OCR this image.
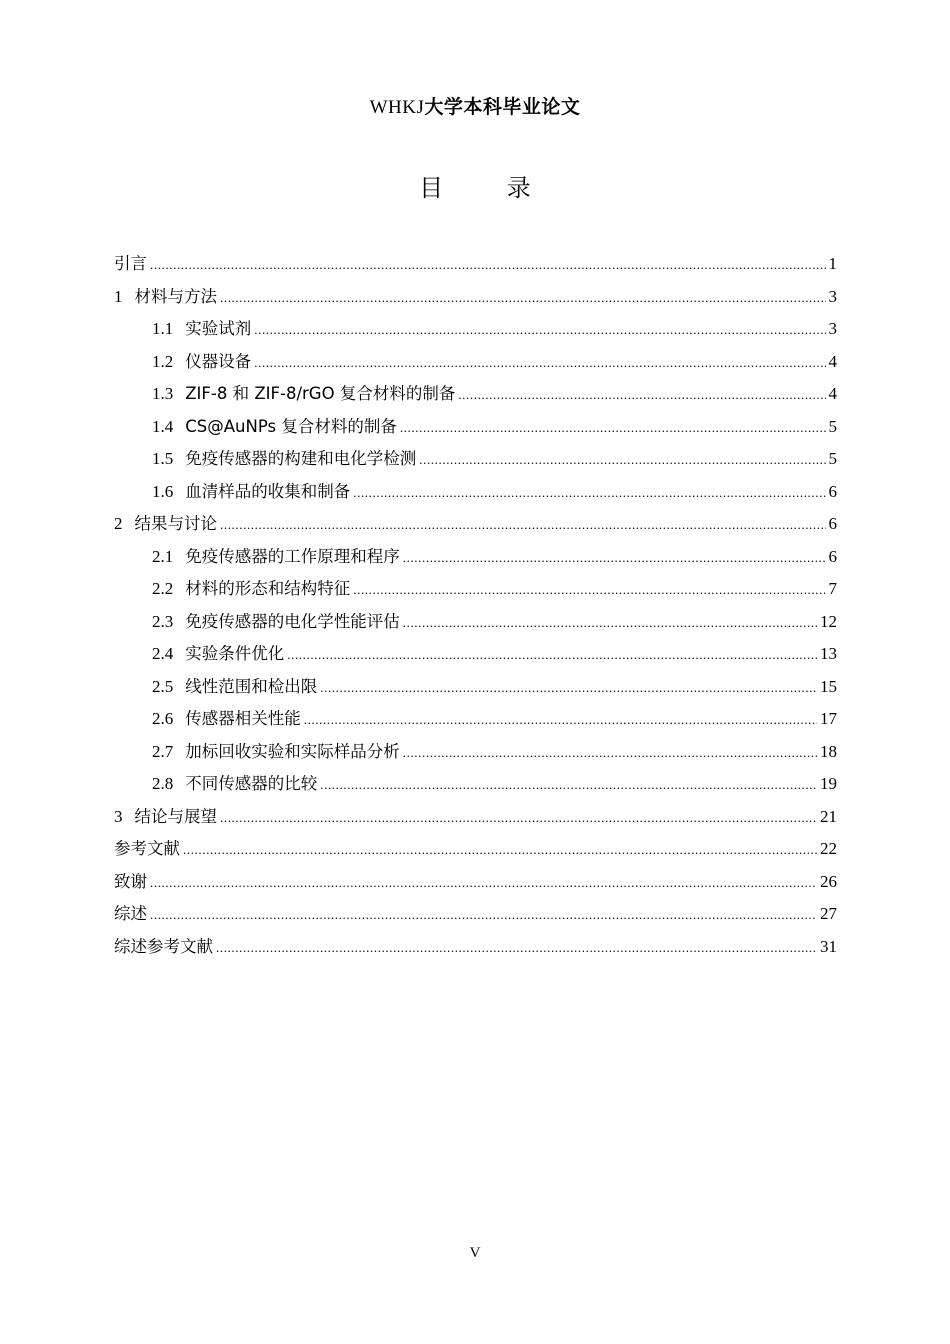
WHKJ大学本科毕业论文
目 录
引言 .....	1
1 材料与方法 .....	3
1.1 实验试剂 .....	3
1.2 仪器设备 .....	4
1.3 ZIF-8 和 ZIF-8/rGO 复合材料的制备 .....	4
1.4 CS@AuNPs 复合材料的制备 .....	5
1.5 免疫传感器的构建和电化学检测 .....	5
1.6 血清样品的收集和制备 .....	6
2 结果与讨论 .....	6
2.1 免疫传感器的工作原理和程序 .....	6
2.2 材料的形态和结构特征 .....	7
2.3 免疫传感器的电化学性能评估 .....	12
2.4 实验条件优化 .....	13
2.5 线性范围和检出限 .....	15
2.6 传感器相关性能 .....	17
2.7 加标回收实验和实际样品分析 .....	18
2.8 不同传感器的比较 .....	19
3 结论与展望 .....	21
参考文献 .....	22
致谢 .....	26
综述 .....	27
综述参考文献 .....	31
V
